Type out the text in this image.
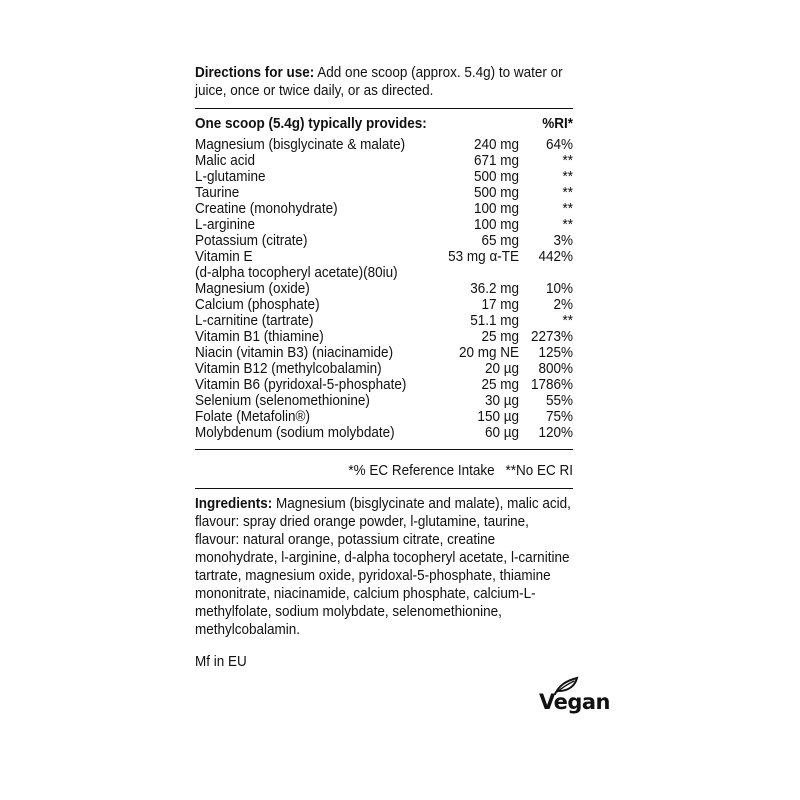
Directions for use: Add one scoop (approx. 5.4g) to water or juice, once or twice daily, or as directed.

One scoop (5.4g) typically provides:	%RI*
Magnesium (bisglycinate & malate)	240 mg	64%
Malic acid	671 mg	**
L-glutamine	500 mg	**
Taurine	500 mg	**
Creatine (monohydrate)	100 mg	**
L-arginine	100 mg	**
Potassium (citrate)	65 mg	3%
Vitamin E	53 mg α-TE	442%
(d-alpha tocopheryl acetate)(80iu)
Magnesium (oxide)	36.2 mg	10%
Calcium (phosphate)	17 mg	2%
L-carnitine (tartrate)	51.1 mg	**
Vitamin B1 (thiamine)	25 mg 2273%
Niacin (vitamin B3) (niacinamide)	20 mg NE	125%
Vitamin B12 (methylcobalamin)	20 µg	800%
Vitamin B6 (pyridoxal-5-phosphate)	25 mg 1786%
Selenium (selenomethionine)	30 µg	55%
Folate (Metafolin®)	150 µg	75%
Molybdenum (sodium molybdate)	60 µg	120%
*% EC Reference Intake **No EC RI

Ingredients: Magnesium (bisglycinate and malate), malic acid, flavour: spray dried orange powder, l-glutamine, taurine, flavour: natural orange, potassium citrate, creatine monohydrate, l-arginine, d-alpha tocopheryl acetate, l-carnitine tartrate, magnesium oxide, pyridoxal-5-phosphate, thiamine mononitrate, niacinamide, calcium phosphate, calcium-L-methylfolate, sodium molybdate, selenomethionine, methylcobalamin.

Mf in EU
Vegan
